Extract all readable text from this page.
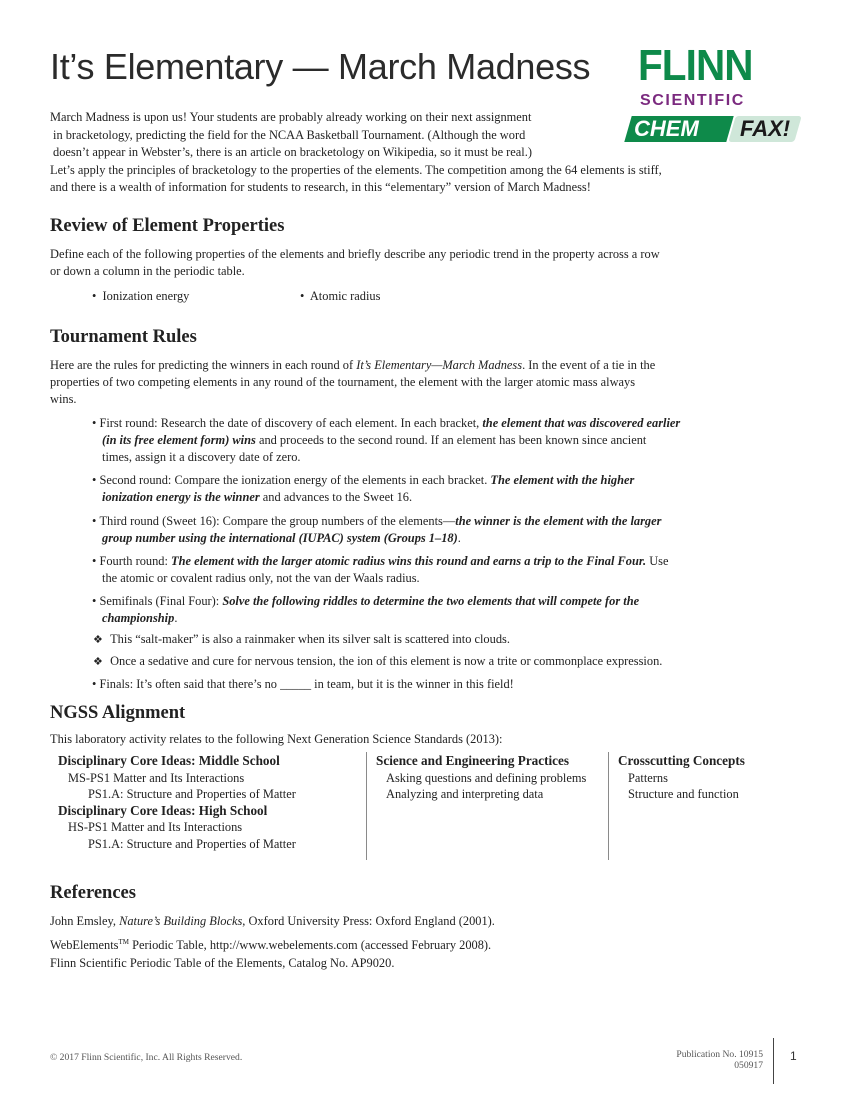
It’s Elementary — March Madness FLINN
SCIENTIFIC
CHEM FAX!
March Madness is upon us! Your students are probably already working on their next assignment
in bracketology, predicting the field for the NCAA Basketball Tournament. (Although the word
doesn’t appear in Webster’s, there is an article on bracketology on Wikipedia, so it must be real.)
Let’s apply the principles of bracketology to the properties of the elements. The competition among the 64 elements is stiff,
and there is a wealth of information for students to research, in this “elementary” version of March Madness!
Review of Element Properties
Define each of the following properties of the elements and briefly describe any periodic trend in the property across a row
or down a column in the periodic table.
•  Ionization energy	•  Atomic radius
Tournament Rules
Here are the rules for predicting the winners in each round of It’s Elementary—March Madness. In the event of a tie in the
properties of two competing elements in any round of the tournament, the element with the larger atomic mass always
wins.
• First round: Research the date of discovery of each element. In each bracket, the element that was discovered earlier
(in its free element form) wins and proceeds to the second round. If an element has been known since ancient
times, assign it a discovery date of zero.
• Second round: Compare the ionization energy of the elements in each bracket. The element with the higher
ionization energy is the winner and advances to the Sweet 16.
• Third round (Sweet 16): Compare the group numbers of the elements—the winner is the element with the larger
group number using the international (IUPAC) system (Groups 1–18).
• Fourth round: The element with the larger atomic radius wins this round and earns a trip to the Final Four. Use
the atomic or covalent radius only, not the van der Waals radius.
• Semifinals (Final Four): Solve the following riddles to determine the two elements that will compete for the
championship.
❖ This “salt-maker” is also a rainmaker when its silver salt is scattered into clouds.
❖ Once a sedative and cure for nervous tension, the ion of this element is now a trite or commonplace expression.
• Finals: It’s often said that there’s no _____ in team, but it is the winner in this field!
NGSS Alignment
This laboratory activity relates to the following Next Generation Science Standards (2013):
Disciplinary Core Ideas: Middle School
MS-PS1 Matter and Its Interactions
PS1.A: Structure and Properties of Matter
Disciplinary Core Ideas: High School
HS-PS1 Matter and Its Interactions
PS1.A: Structure and Properties of Matter
Science and Engineering Practices
Asking questions and defining problems
Analyzing and interpreting data
Crosscutting Concepts
Patterns
Structure and function
References
John Emsley, Nature’s Building Blocks, Oxford University Press: Oxford England (2001).
WebElements™ Periodic Table, http://www.webelements.com (accessed February 2008).
Flinn Scientific Periodic Table of the Elements, Catalog No. AP9020.
© 2017 Flinn Scientific, Inc. All Rights Reserved.	Publication No. 10915
050917
1
